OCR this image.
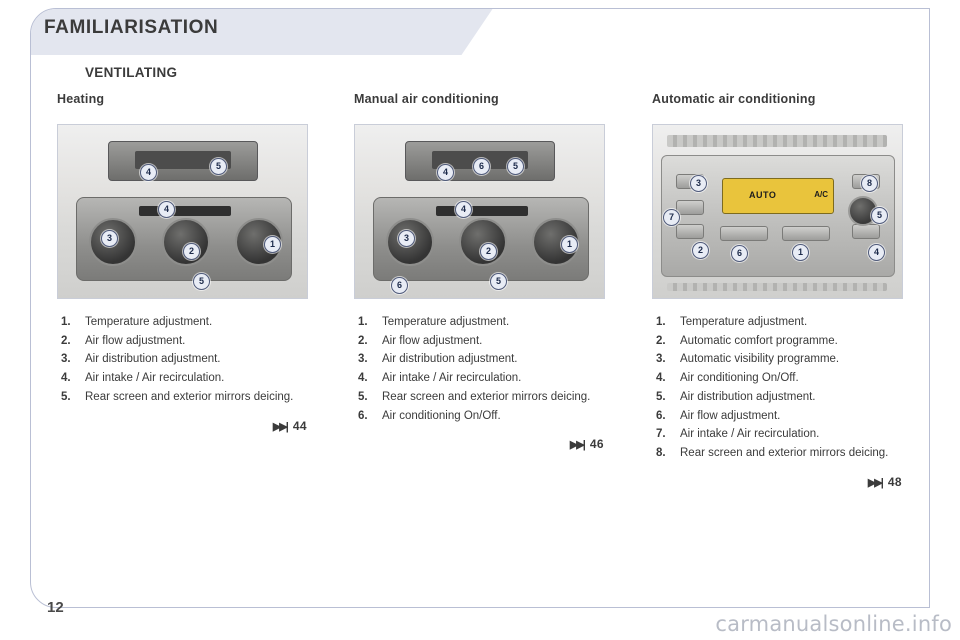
FAMILIARISATION
VENTILATING
Heating
1
2
3
4
5
4
5
1.	Temperature adjustment.
2.	Air flow adjustment.
3.	Air distribution adjustment.
4.	Air intake / Air recirculation.
5.	Rear screen and exterior mirrors deicing.
▶▶| 44
Manual air conditioning
1
2
3
4
5
6
4
6	5
1.	Temperature adjustment.
2.	Air flow adjustment.
3.	Air distribution adjustment.
4.	Air intake / Air recirculation.
5.	Rear screen and exterior mirrors deicing.
6.	Air conditioning On/Off.
▶▶| 46
Automatic air conditioning
AUTO	A/C
1
2
3
4
5
6
7
8
1.	Temperature adjustment.
2.	Automatic comfort programme.
3.	Automatic visibility programme.
4.	Air conditioning On/Off.
5.	Air distribution adjustment.
6.	Air flow adjustment.
7.	Air intake / Air recirculation.
8.	Rear screen and exterior mirrors deicing.
▶▶| 48
12
carmanualsonline.info
